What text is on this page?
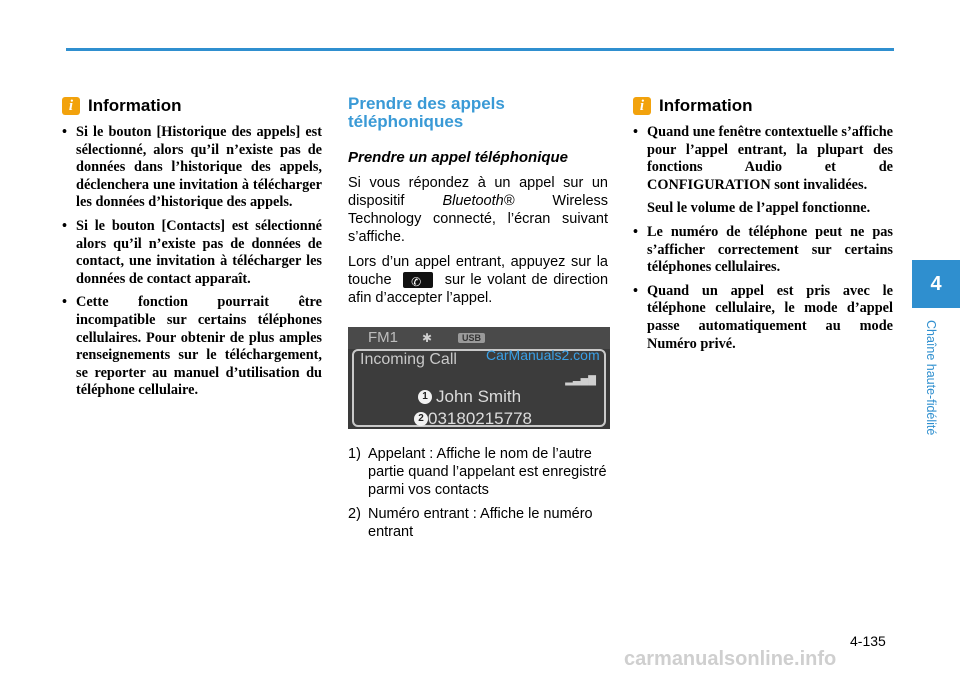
i Information
• Si le bouton [Historique des appels] est sélectionné, alors qu’il n’existe pas de données dans l’historique des appels, déclenchera une invitation à télécharger les données d’historique des appels.
• Si le bouton [Contacts] est sélectionné alors qu’il n’existe pas de données de contact, une invitation à télécharger les données de contact apparaît.
• Cette fonction pourrait être incompatible sur certains téléphones cellulaires. Pour obtenir de plus amples renseignements sur le téléchargement, se reporter au manuel d’utilisation du téléphone cellulaire.
Prendre des appels téléphoniques
Prendre un appel téléphonique

Si vous répondez à un appel sur un dispositif	Bluetooth®	Wireless Technology connecté, l’écran suivant s’affiche.

Lors d’un appel entrant, appuyez sur la touche ✆ sur le volant de direction afin d’accepter l’appel.

FM1 ✱	USB
Incoming Call
▂▃▅▇
John Smith
03180215778
1
2
CarManuals2.com
1) Appelant : Affiche le nom de l’autre partie quand l’appelant est enregistré parmi vos contacts
2) Numéro entrant : Affiche le numéro entrant
i Information
• Quand une fenêtre contextuelle s’affiche pour l’appel entrant, la plupart des fonctions Audio et de CONFIGURATION sont invalidées.
Seul le volume de l’appel fonctionne.
• Le numéro de téléphone peut ne pas s’afficher correctement sur certains téléphones cellulaires.
• Quand un appel est pris avec le téléphone cellulaire, le mode d’appel passe automatiquement au mode Numéro privé.
4
Chaîne haute-fidélité
4-135
carmanualsonline.info
